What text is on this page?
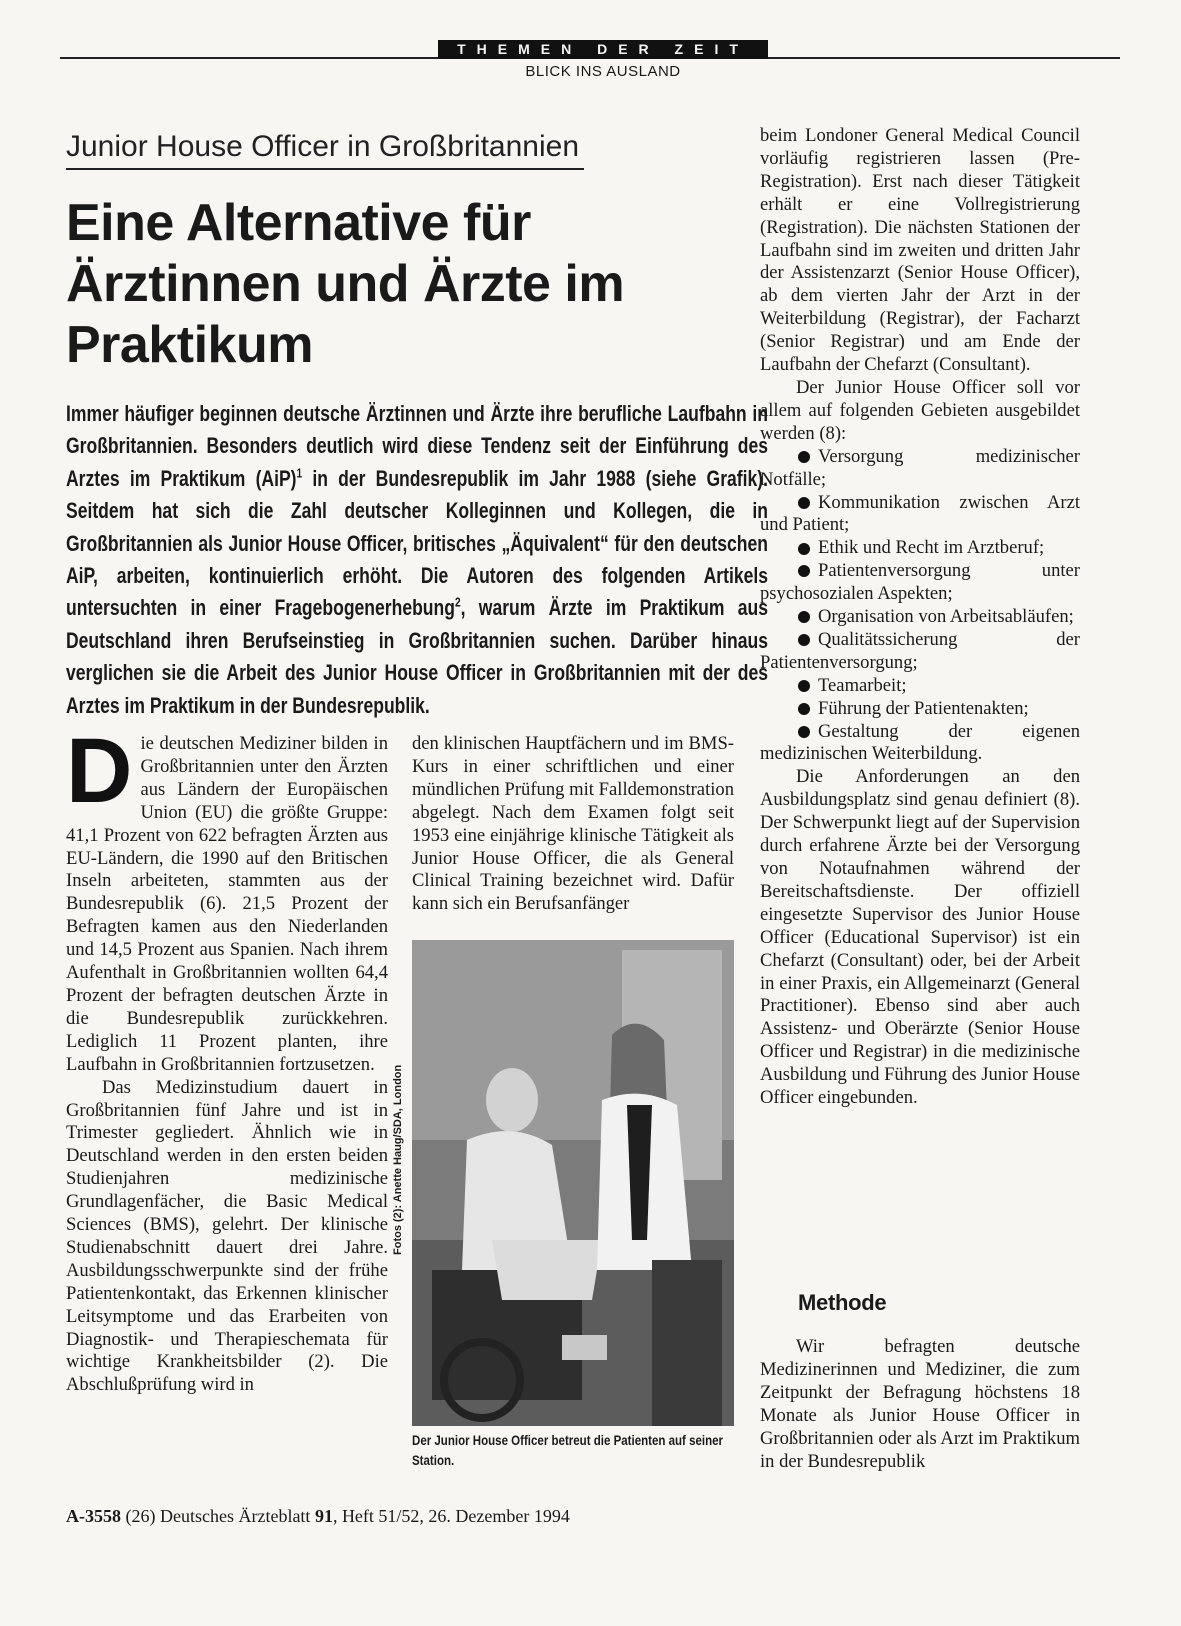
THEMEN DER ZEIT
BLICK INS AUSLAND
Junior House Officer in Großbritannien
Eine Alternative für Ärztinnen und Ärzte im Praktikum

Immer häufiger beginnen deutsche Ärztinnen und Ärzte ihre berufliche Laufbahn in Großbritannien. Besonders deutlich wird diese Tendenz seit der Einführung des Arztes im Praktikum (AiP)$^1$ in der Bundesrepublik im Jahr 1988 (siehe Grafik). Seitdem hat sich die Zahl deutscher Kolleginnen und Kollegen, die in Großbritannien als Junior House Officer, britisches „Äquivalent“ für den deutschen AiP, arbeiten, kontinuierlich erhöht. Die Autoren des folgenden Artikels untersuchten in einer Fragebogenerhebung$^2$, warum Ärzte im Praktikum aus Deutschland ihren Berufseinstieg in Großbritannien suchen. Darüber hinaus verglichen sie die Arbeit des Junior House Officer in Großbritannien mit der des Arztes im Praktikum in der Bundesrepublik.

Die deutschen Mediziner bilden in Großbritannien unter den Ärzten aus Ländern der Europäischen Union (EU) die größte Gruppe: 41,1 Prozent von 622 befragten Ärzten aus EU-Ländern, die 1990 auf den Britischen Inseln arbeiteten, stammten aus der Bundesrepublik (6). 21,5 Prozent der Befragten kamen aus den Niederlanden und 14,5 Prozent aus Spanien. Nach ihrem Aufenthalt in Großbritannien wollten 64,4 Prozent der befragten deutschen Ärzte in die Bundesrepublik zurückkehren. Lediglich 11 Prozent planten, ihre Laufbahn in Großbritannien fortzusetzen.

Das Medizinstudium dauert in Großbritannien fünf Jahre und ist in Trimester gegliedert. Ähnlich wie in Deutschland werden in den ersten beiden Studienjahren medizinische Grundlagenfächer, die Basic Medical Sciences (BMS), gelehrt. Der klinische Studienabschnitt dauert drei Jahre. Ausbildungsschwerpunkte sind der frühe Patientenkontakt, das Erkennen klinischer Leitsymptome und das Erarbeiten von Diagnostik- und Therapieschemata für wichtige Krankheitsbilder (2). Die Abschlußprüfung wird in

den klinischen Hauptfächern und im BMS-Kurs in einer schriftlichen und einer mündlichen Prüfung mit Falldemonstration abgelegt. Nach dem Examen folgt seit 1953 eine einjährige klinische Tätigkeit als Junior House Officer, die als General Clinical Training bezeichnet wird. Dafür kann sich ein Berufsanfänger

Fotos (2): Anette Haug/SDA, London

Der Junior House Officer betreut die Patienten auf seiner Station.

beim Londoner General Medical Council vorläufig registrieren lassen (Pre-Registration). Erst nach dieser Tätigkeit erhält er eine Vollregistrierung (Registration). Die nächsten Stationen der Laufbahn sind im zweiten und dritten Jahr der Assistenzarzt (Senior House Officer), ab dem vierten Jahr der Arzt in der Weiterbildung (Registrar), der Facharzt (Senior Registrar) und am Ende der Laufbahn der Chefarzt (Consultant).

Der Junior House Officer soll vor allem auf folgenden Gebieten ausgebildet werden (8):

Versorgung medizinischer Notfälle;

Kommunikation zwischen Arzt und Patient;

Ethik und Recht im Arztberuf;

Patientenversorgung unter psychosozialen Aspekten;

Organisation von Arbeitsabläufen;

Qualitätssicherung der Patientenversorgung;

Teamarbeit;

Führung der Patientenakten;

Gestaltung der eigenen medizinischen Weiterbildung.

Die Anforderungen an den Ausbildungsplatz sind genau definiert (8). Der Schwerpunkt liegt auf der Supervision durch erfahrene Ärzte bei der Versorgung von Notaufnahmen während der Bereitschaftsdienste. Der offiziell eingesetzte Supervisor des Junior House Officer (Educational Supervisor) ist ein Chefarzt (Consultant) oder, bei der Arbeit in einer Praxis, ein Allgemeinarzt (General Practitioner). Ebenso sind aber auch Assistenz- und Oberärzte (Senior House Officer und Registrar) in die medizinische Ausbildung und Führung des Junior House Officer eingebunden.

Methode

Wir befragten deutsche Medizinerinnen und Mediziner, die zum Zeitpunkt der Befragung höchstens 18 Monate als Junior House Officer in Großbritannien oder als Arzt im Praktikum in der Bundesrepublik

A-3558 (26) Deutsches Ärzteblatt 91, Heft 51/52, 26. Dezember 1994
